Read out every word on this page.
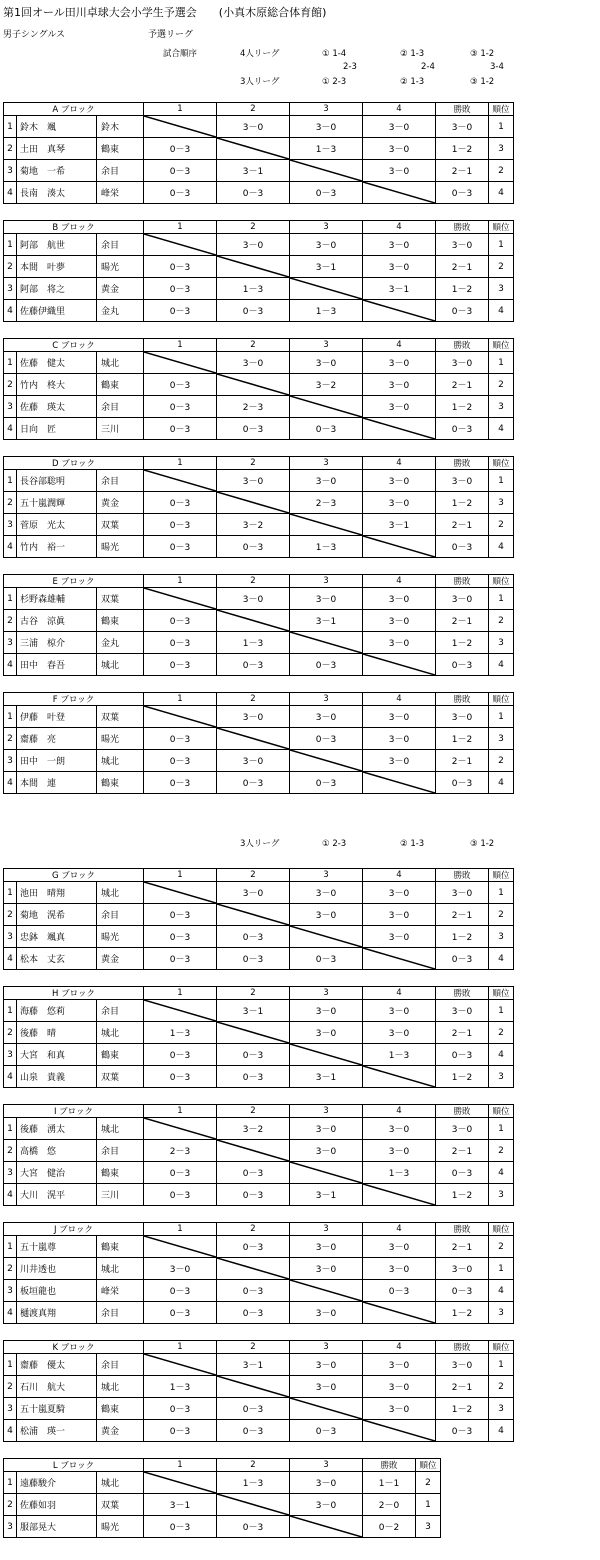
第1回オール田川卓球大会小学生予選会　　(小真木原総合体育館)
男子シングルス	予選リーグ
試合順序	4人リーグ	① 1-4
2-3
② 1-3
2-4
③ 1-2
3-4
3人リーグ	① 2-3	② 1-3	③ 1-2
3人リーグ	① 2-3	② 1-3	③ 1-2
A ブロック			1	2	3	4	勝敗	順位
1	鈴木　颯	鈴木		3－0	3－0	3－0	3－0	1
2	土田　真琴	鶴東	0－3		1－3	3－0	1－2	3
3	菊地　一希	余目	0－3	3－1		3－0	2－1	2
4	長南　湊太	峰栄	0－3	0－3	0－3		0－3	4
B ブロック			1	2	3	4	勝敗	順位
1	阿部　航世	余目		3－0	3－0	3－0	3－0	1
2	本間　叶夢	暘光	0－3		3－1	3－0	2－1	2
3	阿部　将之	黄金	0－3	1－3		3－1	1－2	3
4	佐藤伊織里	金丸	0－3	0－3	1－3		0－3	4
C ブロック			1	2	3	4	勝敗	順位
1	佐藤　健太	城北		3－0	3－0	3－0	3－0	1
2	竹内　柊大	鶴東	0－3		3－2	3－0	2－1	2
3	佐藤　瑛太	余目	0－3	2－3		3－0	1－2	3
4	日向　匠	三川	0－3	0－3	0－3		0－3	4
D ブロック			1	2	3	4	勝敗	順位
1	長谷部聡明	余目		3－0	3－0	3－0	3－0	1
2	五十嵐潤輝	黄金	0－3		2－3	3－0	1－2	3
3	菅原　光太	双葉	0－3	3－2		3－1	2－1	2
4	竹内　裕一	暘光	0－3	0－3	1－3		0－3	4
E ブロック			1	2	3	4	勝敗	順位
1	杉野森雄輔	双葉		3－0	3－0	3－0	3－0	1
2	古谷　涼眞	鶴東	0－3		3－1	3－0	2－1	2
3	三浦　椋介	金丸	0－3	1－3		3－0	1－2	3
4	田中　春吾	城北	0－3	0－3	0－3		0－3	4
F ブロック			1	2	3	4	勝敗	順位
1	伊藤　叶登	双葉		3－0	3－0	3－0	3－0	1
2	齋藤　亮	暘光	0－3		0－3	3－0	1－2	3
3	田中　一朗	城北	0－3	3－0		3－0	2－1	2
4	本間　連	鶴東	0－3	0－3	0－3		0－3	4
G ブロック			1	2	3	4	勝敗	順位
1	池田　晴翔	城北		3－0	3－0	3－0	3－0	1
2	菊地　滉希	余目	0－3		3－0	3－0	2－1	2
3	忠鉢　颯真	暘光	0－3	0－3		3－0	1－2	3
4	松本　丈玄	黄金	0－3	0－3	0－3		0－3	4
H ブロック			1	2	3	4	勝敗	順位
1	海藤　悠莉	余目		3－1	3－0	3－0	3－0	1
2	後藤　晴	城北	1－3		3－0	3－0	2－1	2
3	大宮　和真	鶴東	0－3	0－3		1－3	0－3	4
4	山泉　貴義	双葉	0－3	0－3	3－1		1－2	3
I ブロック			1	2	3	4	勝敗	順位
1	後藤　湧太	城北		3－2	3－0	3－0	3－0	1
2	高橋　悠	余目	2－3		3－0	3－0	2－1	2
3	大宮　健治	鶴東	0－3	0－3		1－3	0－3	4
4	大川　滉平	三川	0－3	0－3	3－1		1－2	3
J ブロック			1	2	3	4	勝敗	順位
1	五十嵐尊	鶴東		0－3	3－0	3－0	2－1	2
2	川井透也	城北	3－0		3－0	3－0	3－0	1
3	板垣龍也	峰栄	0－3	0－3		0－3	0－3	4
4	樋渡真翔	余目	0－3	0－3	3－0		1－2	3
K ブロック			1	2	3	4	勝敗	順位
1	齋藤　優太	余目		3－1	3－0	3－0	3－0	1
2	石川　航大	城北	1－3		3－0	3－0	2－1	2
3	五十嵐夏騎	鶴東	0－3	0－3		3－0	1－2	3
4	松浦　瑛一	黄金	0－3	0－3	0－3		0－3	4
L ブロック			1	2	3	勝敗	順位
1	遠藤駿介	城北		1－3	3－0	1－1	2
2	佐藤如羽	双葉	3－1		3－0	2－0	1
3	服部晃大	暘光	0－3	0－3		0－2	3
